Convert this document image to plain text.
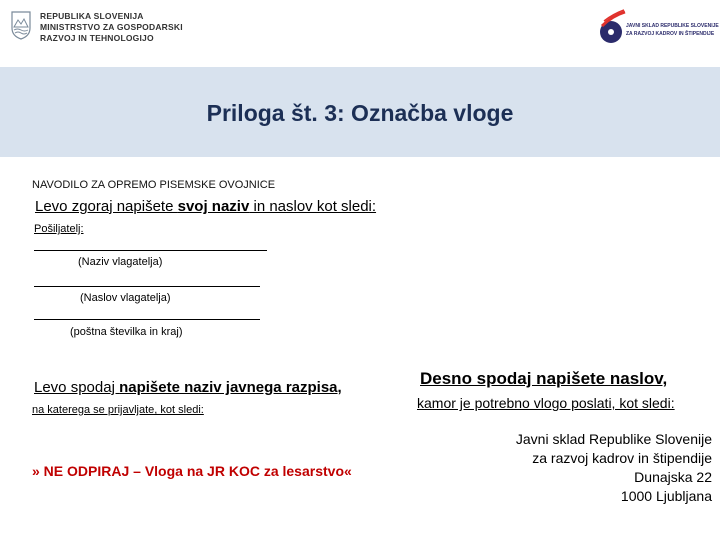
REPUBLIKA SLOVENIJA
MINISTRSTVO ZA GOSPODARSKI
RAZVOJ IN TEHNOLOGIJO
JAVNI SKLAD REPUBLIKE SLOVENIJE
ZA RAZVOJ KADROV IN ŠTIPENDIJE
Priloga št. 3: Označba vloge
NAVODILO ZA OPREMO PISEMSKE OVOJNICE
Levo zgoraj napišete svoj naziv in naslov kot sledi:
Pošiljatelj:
(Naziv vlagatelja)
(Naslov vlagatelja)
(poštna številka in kraj)
Levo spodaj napišete naziv javnega razpisa,
na katerega se prijavljate, kot sledi:
» NE ODPIRAJ – Vloga na JR KOC za lesarstvo«
Desno spodaj napišete naslov,
kamor je potrebno vlogo poslati, kot sledi:
Javni sklad Republike Slovenije
za razvoj kadrov in štipendije
Dunajska 22
1000 Ljubljana
